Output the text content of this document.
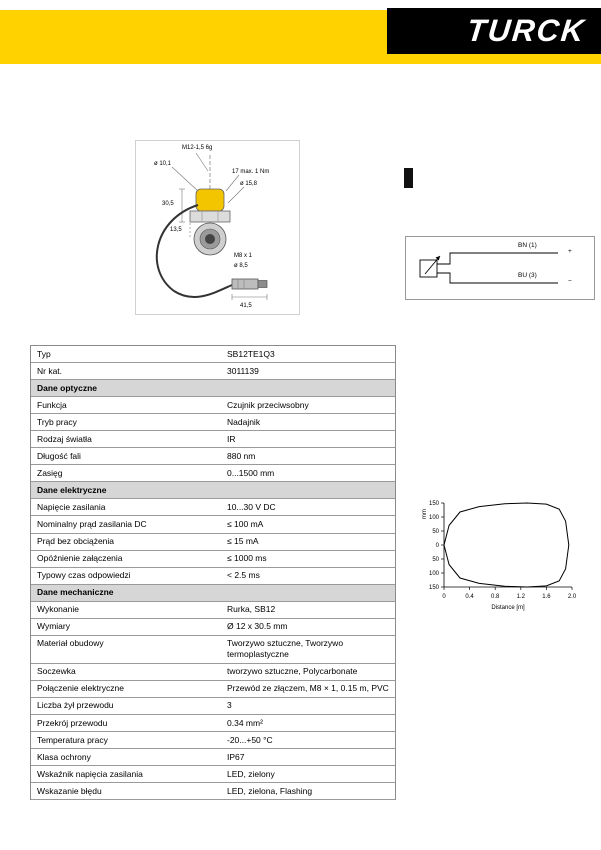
TURCK
M12-1,5 6g
ø 10,1
17 max. 1 Nm
ø 15,8
30,5
13,5
M8 x 1
ø 8,5
41,5
BN (1)
+
BU (3)
−
150
100
50
0
50
100
150
0	0.4	0.8	1.2	1.6	2.0
Distance [m]
mm
Typ	SB12TE1Q3
Nr kat.	3011139
Dane optyczne
Funkcja	Czujnik przeciwsobny
Tryb pracy	Nadajnik
Rodzaj światła	IR
Długość fali	880 nm
Zasięg	0...1500 mm
Dane elektryczne
Napięcie zasilania	10...30 V DC
Nominalny prąd zasilania DC	≤ 100 mA
Prąd bez obciążenia	≤ 15 mA
Opóźnienie załączenia	≤ 1000 ms
Typowy czas odpowiedzi	< 2.5 ms
Dane mechaniczne
Wykonanie	Rurka, SB12
Wymiary	Ø 12 x 30.5 mm
Materiał obudowy	Tworzywo sztuczne, Tworzywo termoplastyczne
Soczewka	tworzywo sztuczne, Polycarbonate
Połączenie elektryczne	Przewód ze złączem, M8 × 1, 0.15 m, PVC
Liczba żył przewodu	3
Przekrój przewodu	0.34 mm²
Temperatura pracy	-20...+50 °C
Klasa ochrony	IP67
Wskaźnik napięcia zasilania	LED, zielony
Wskazanie błędu	LED, zielona, Flashing
